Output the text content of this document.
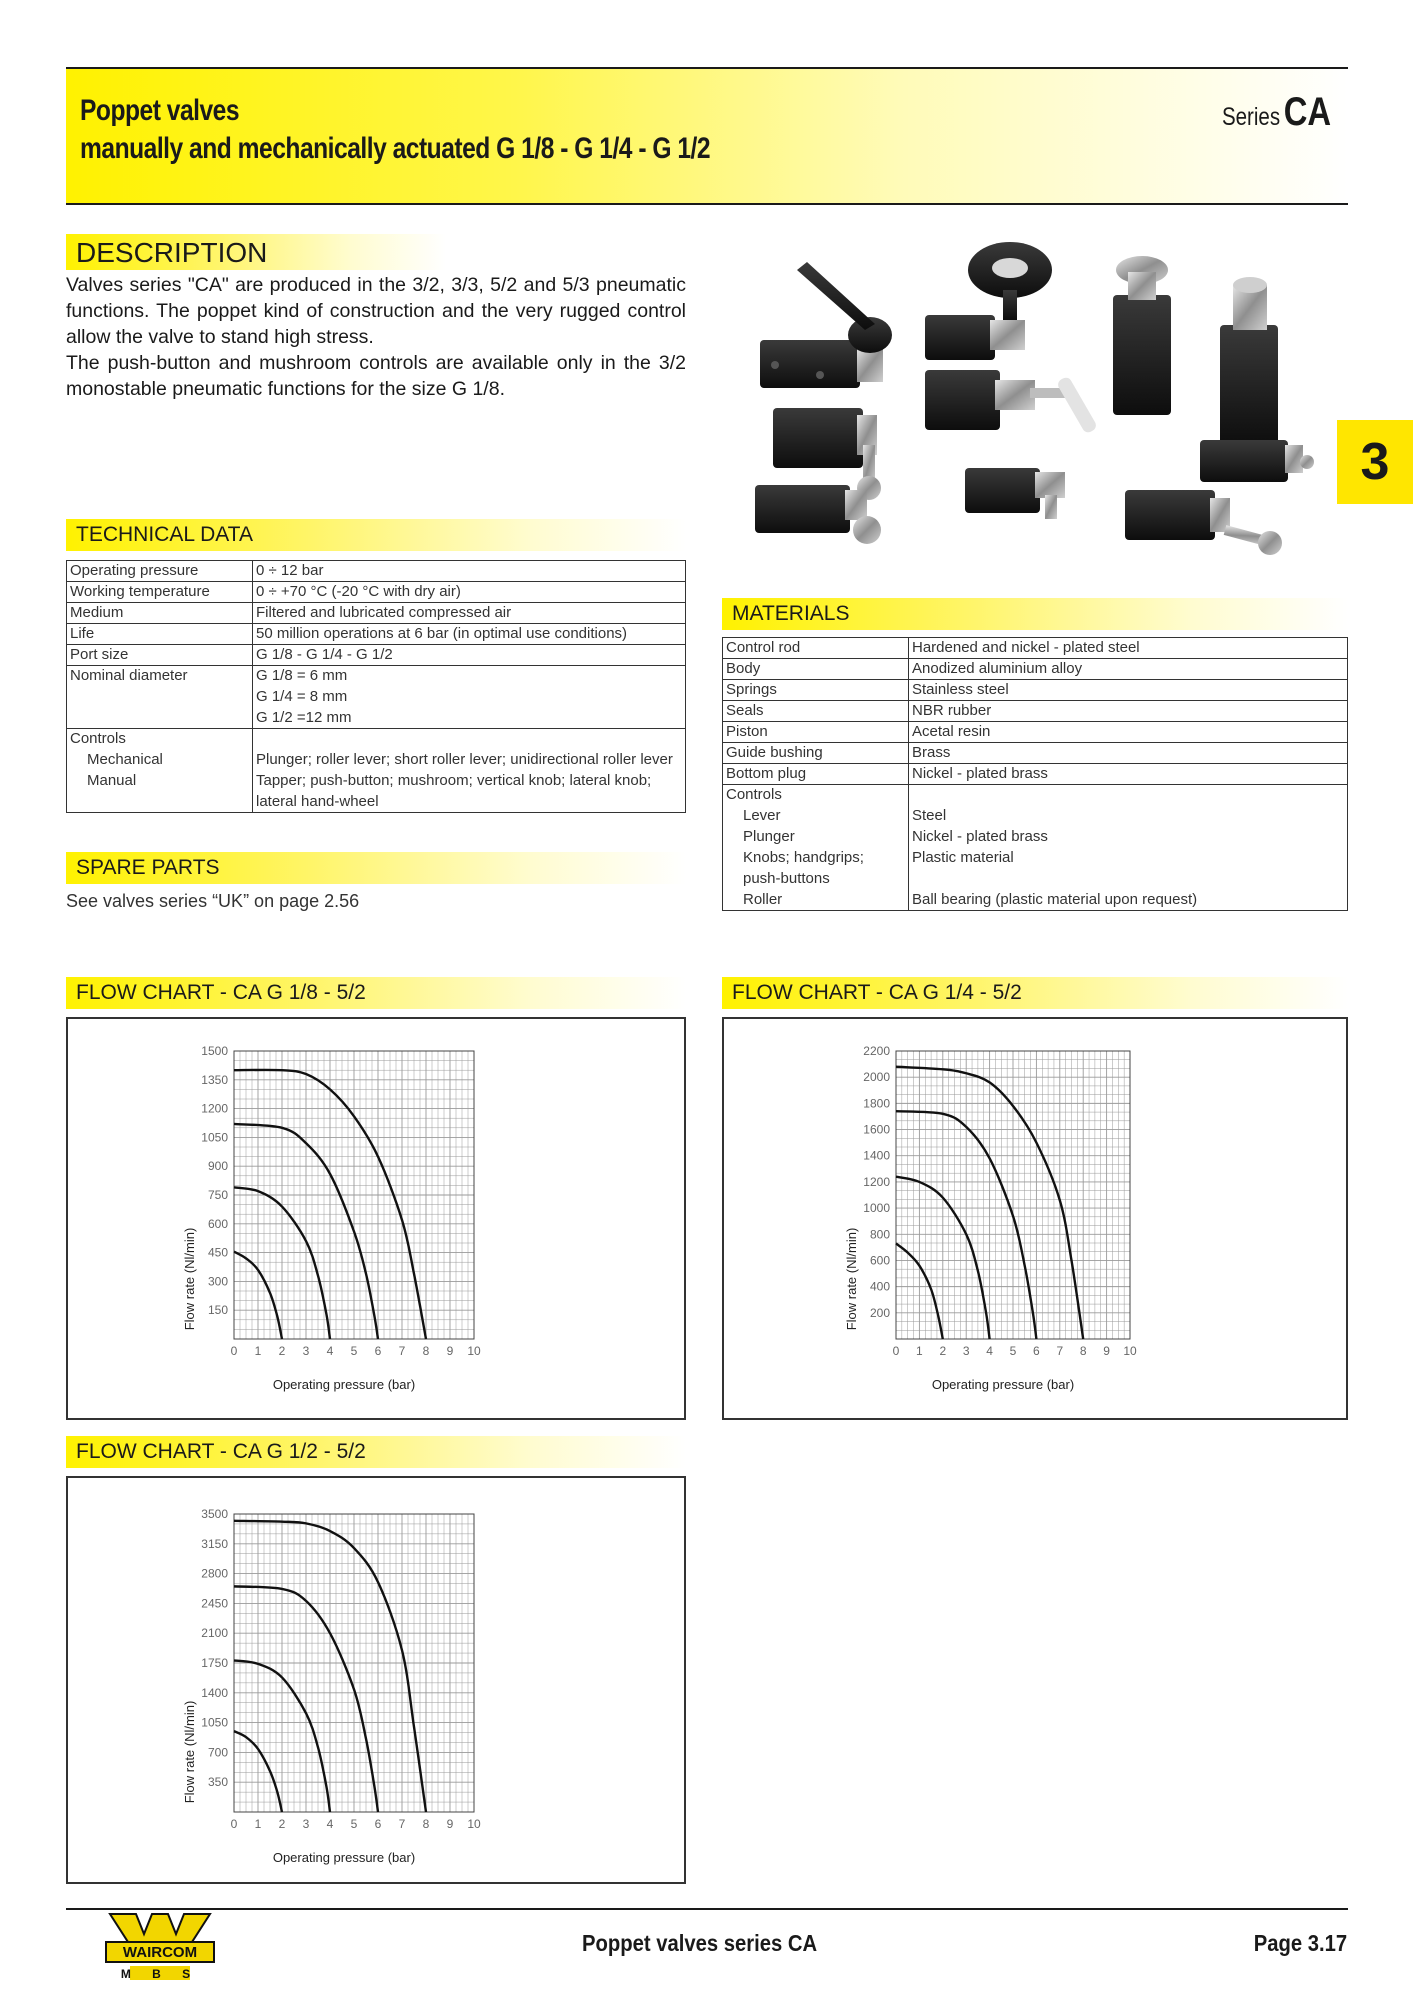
Poppet valves
manually and mechanically actuated G 1/8 - G 1/4 - G 1/2
Series CA
DESCRIPTION

Valves series "CA" are produced in the 3/2, 3/3, 5/2 and 5/3 pneumatic functions. The poppet kind of construction and the very rugged control allow the valve to stand high stress.

The push-button and mushroom controls are available only in the 3/2 monostable pneumatic functions for the size G 1/8.

3
TECHNICAL DATA
Operating pressure	0 ÷ 12 bar
Working temperature	0 ÷ +70 °C (-20 °C with dry air)
Medium	Filtered and lubricated compressed air
Life	50 million operations at 6 bar (in optimal use conditions)
Port size	G 1/8 - G 1/4 - G 1/2
Nominal diameter	G 1/8 = 6 mm
	G 1/4 = 8 mm
	G 1/2 =12 mm
Controls	
Mechanical	Plunger; roller lever; short roller lever; unidirectional roller lever
Manual	Tapper; push-button; mushroom; vertical knob; lateral knob;
	lateral hand-wheel
SPARE PARTS
See valves series “UK” on page 2.56
MATERIALS
Control rod	Hardened and nickel - plated steel
Body	Anodized aluminium alloy
Springs	Stainless steel
Seals	NBR rubber
Piston	Acetal resin
Guide bushing	Brass
Bottom plug	Nickel - plated brass
Controls	
Lever	Steel
Plunger	Nickel - plated brass
Knobs; handgrips;	Plastic material
push-buttons	
Roller	Ball bearing (plastic material upon request)
FLOW CHART - CA G 1/8 - 5/2
0 1 2 3 4 5 6 7 8 9 10
150
300
450
600
750
900
1050
1200
1350
1500
Operating pressure (bar)
Flow rate (Nl/min)
FLOW CHART - CA G 1/4 - 5/2
0 1 2 3 4 5 6 7 8 9 10
200
400
600
800
1000
1200
1400
1600
1800
2000
2200
Operating pressure (bar)
Flow rate (Nl/min)
FLOW CHART - CA G 1/2 - 5/2
0 1 2 3 4 5 6 7 8 9 10
350
700
1050
1400
1750
2100
2450
2800
3150
3500
Operating pressure (bar)
Flow rate (Nl/min)
WAIRCOM
M B S
Poppet valves series CA	Page 3.17
